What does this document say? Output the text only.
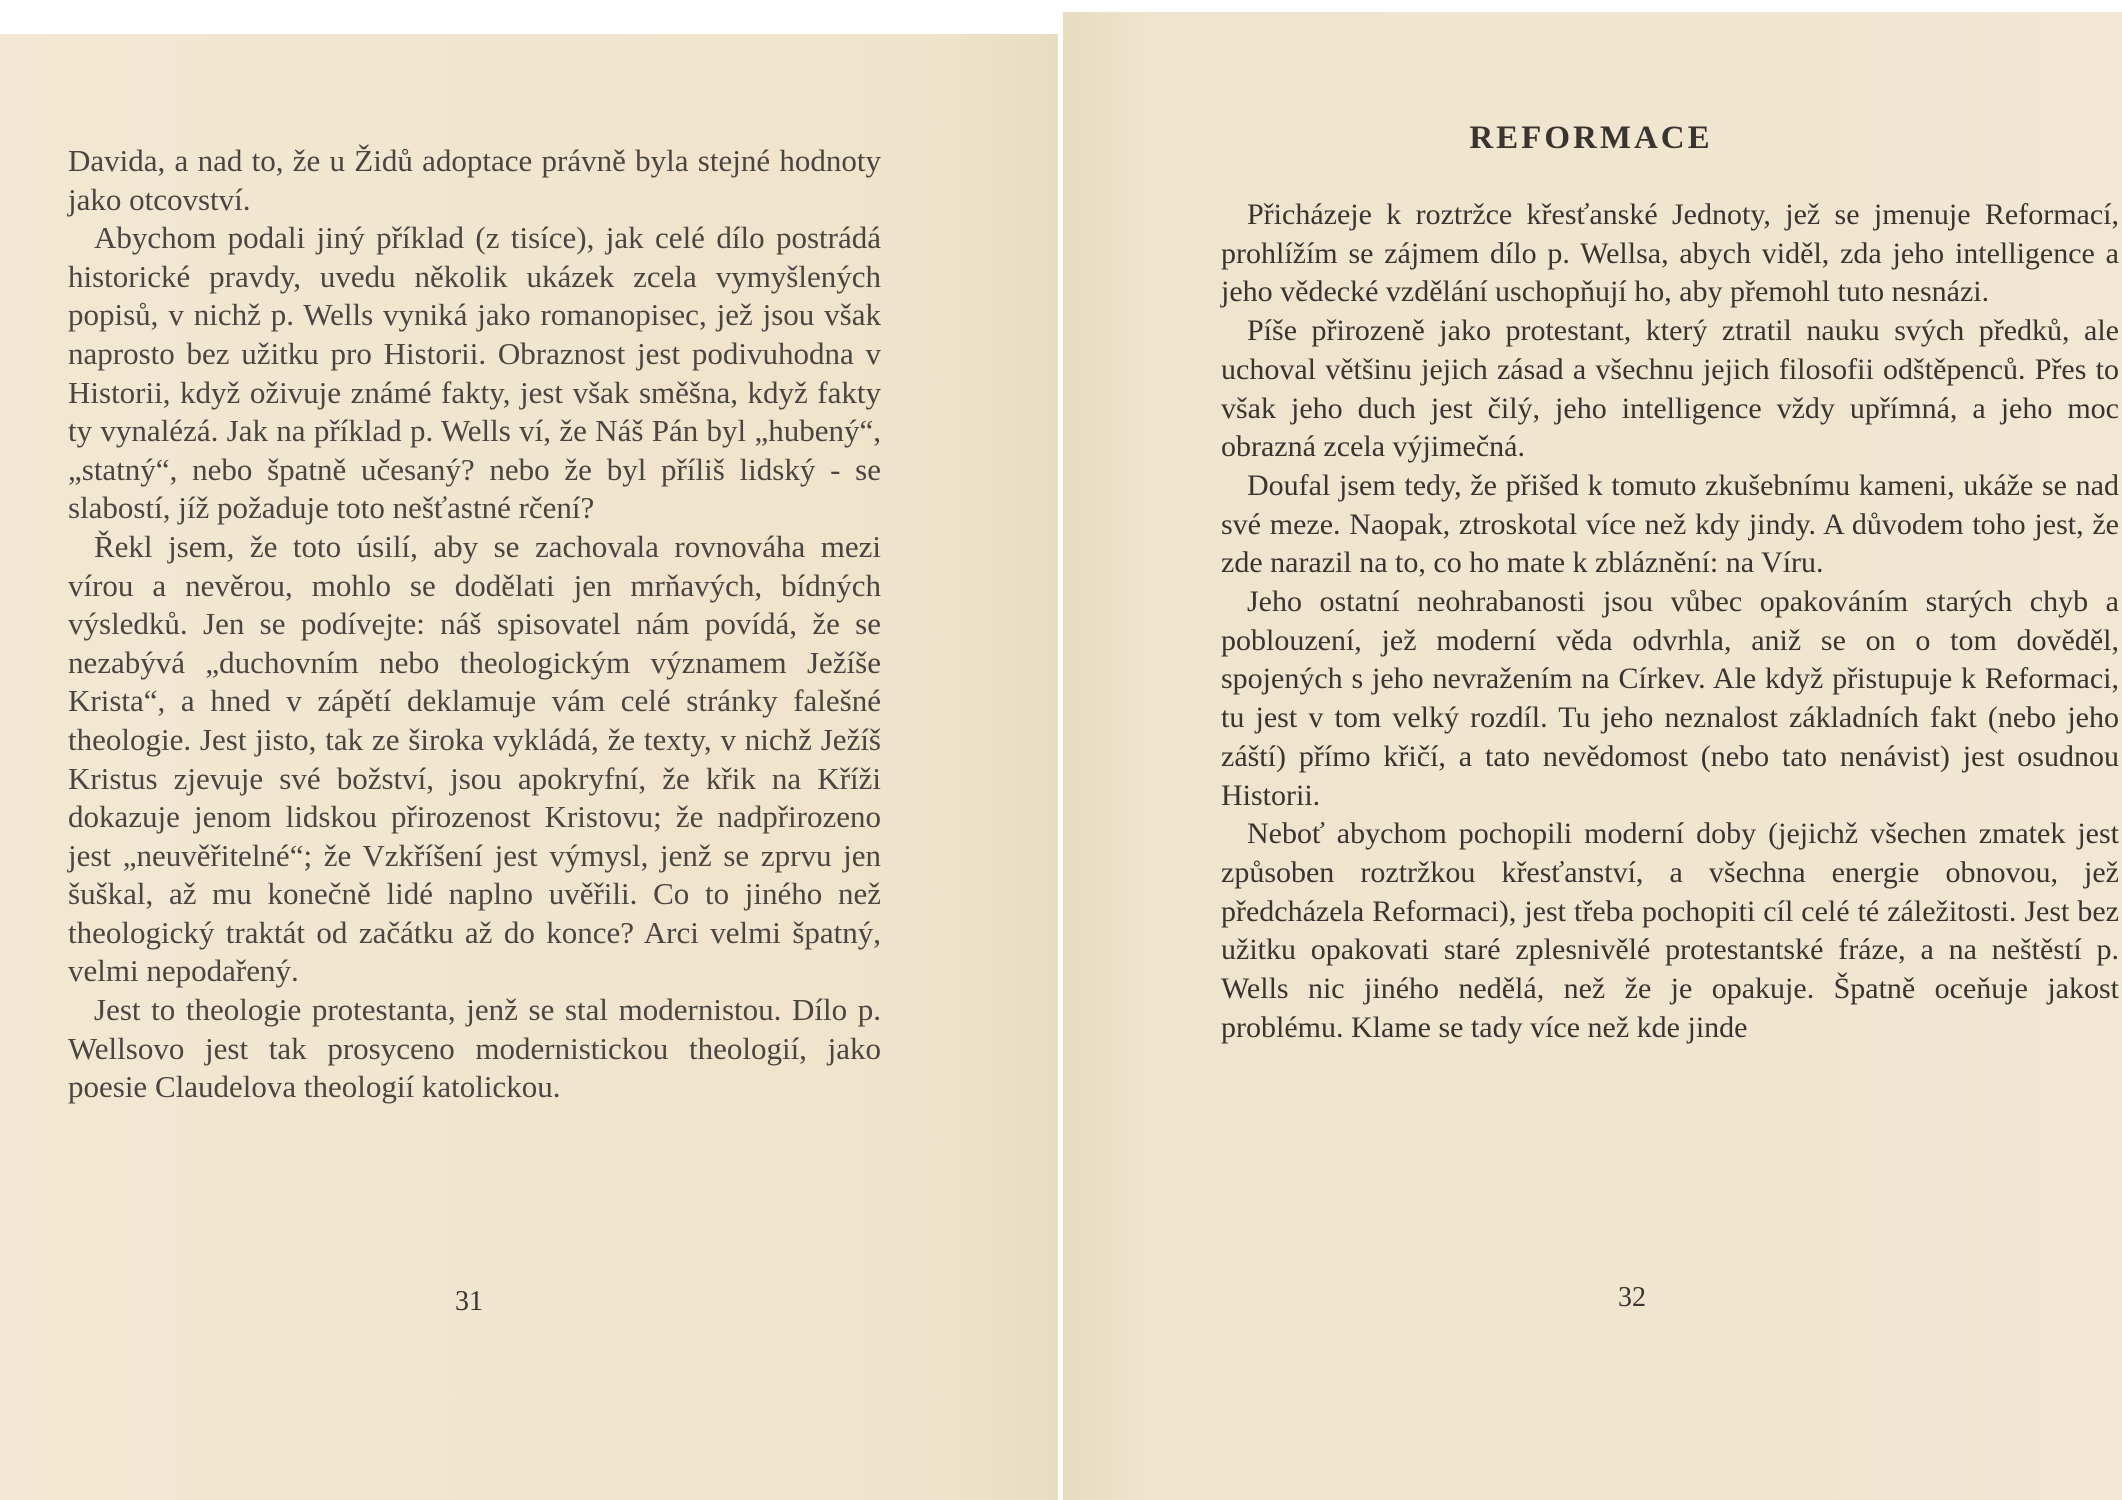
Davida, a nad to, že u Židů adoptace právně byla stejné hodnoty jako otcovství.

Abychom podali jiný příklad (z tisíce), jak celé dílo postrádá historické pravdy, uvedu několik ukázek zcela vymyšlených popisů, v nichž p. Wells vyniká jako romanopisec, jež jsou však naprosto bez užitku pro Historii. Obraznost jest podivuhodna v Historii, když oživuje známé fakty, jest však směšna, když fakty ty vynalézá. Jak na příklad p. Wells ví, že Náš Pán byl „hubený“, „statný“, nebo špatně učesaný? nebo že byl příliš lidský - se slabostí, jíž požaduje toto nešťastné rčení?

Řekl jsem, že toto úsilí, aby se zachovala rovnováha mezi vírou a nevěrou, mohlo se dodělati jen mrňavých, bídných výsledků. Jen se podívejte: náš spisovatel nám povídá, že se nezabývá „duchovním nebo theologickým významem Ježíše Krista“, a hned v zápětí deklamuje vám celé stránky falešné theologie. Jest jisto, tak ze široka vykládá, že texty, v nichž Ježíš Kristus zjevuje své božství, jsou apokryfní, že křik na Kříži dokazuje jenom lidskou přirozenost Kristovu; že nadpřirozeno jest „neuvěřitelné“; že Vzkříšení jest výmysl, jenž se zprvu jen šuškal, až mu konečně lidé naplno uvěřili. Co to jiného než theologický traktát od začátku až do konce? Arci velmi špatný, velmi nepodařený.

Jest to theologie protestanta, jenž se stal modernistou. Dílo p. Wellsovo jest tak prosyceno modernistickou theologií, jako poesie Claudelova theologií katolickou.

31
REFORMACE

Přicházeje k roztržce křesťanské Jednoty, jež se jmenuje Reformací, prohlížím se zájmem dílo p. Wellsa, abych viděl, zda jeho intelligence a jeho vědecké vzdělání uschopňují ho, aby přemohl tuto nesnázi.

Píše přirozeně jako protestant, který ztratil nauku svých předků, ale uchoval většinu jejich zásad a všechnu jejich filosofii odštěpenců. Přes to však jeho duch jest čilý, jeho intelligence vždy upřímná, a jeho moc obrazná zcela výjimečná.

Doufal jsem tedy, že přišed k tomuto zkušebnímu kameni, ukáže se nad své meze. Naopak, ztroskotal více než kdy jindy. A důvodem toho jest, že zde narazil na to, co ho mate k zbláznění: na Víru.

Jeho ostatní neohrabanosti jsou vůbec opakováním starých chyb a poblouzení, jež moderní věda odvrhla, aniž se on o tom dověděl, spojených s jeho nevražením na Církev. Ale když přistupuje k Reformaci, tu jest v tom velký rozdíl. Tu jeho neznalost základních fakt (nebo jeho záští) přímo křičí, a tato nevědomost (nebo tato nenávist) jest osudnou Historii.

Neboť abychom pochopili moderní doby (jejichž všechen zmatek jest způsoben roztržkou křesťanství, a všechna energie obnovou, jež předcházela Reformaci), jest třeba pochopiti cíl celé té záležitosti. Jest bez užitku opakovati staré zplesnivělé protestantské fráze, a na neštěstí p. Wells nic jiného nedělá, než že je opakuje. Špatně oceňuje jakost problému. Klame se tady více než kde jinde

32
